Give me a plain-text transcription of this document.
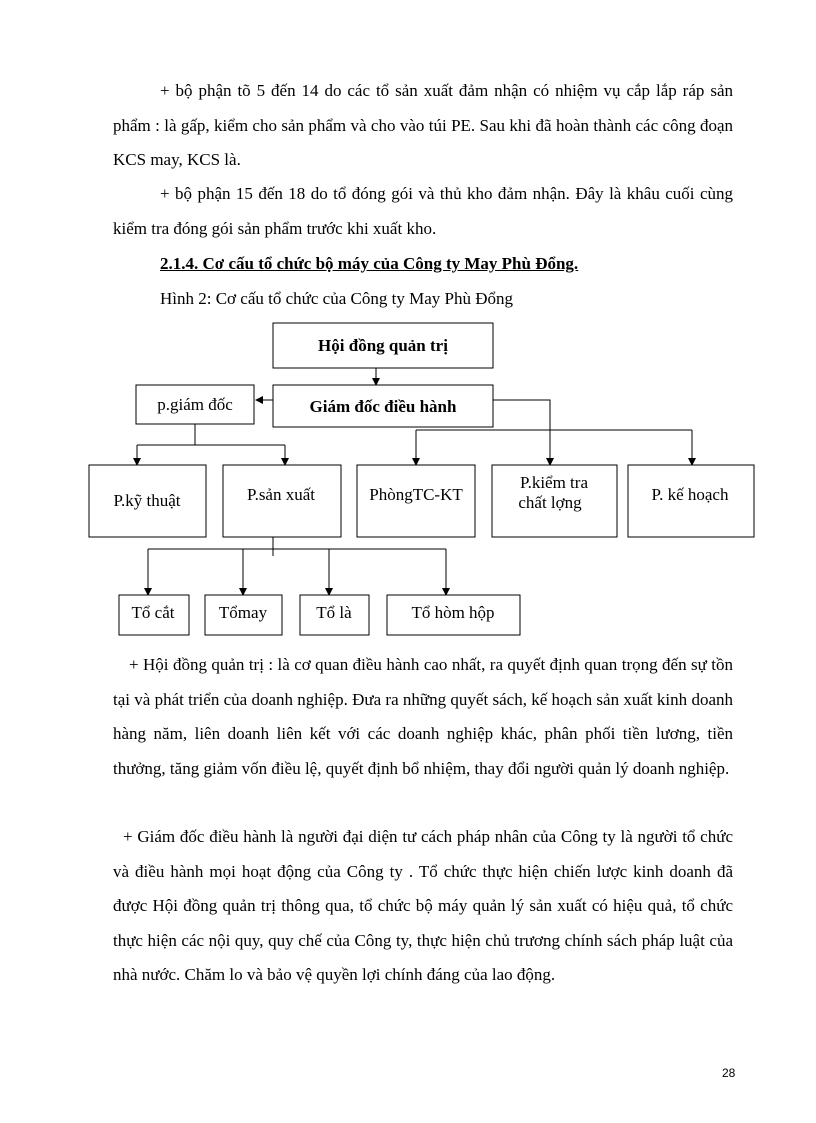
+ bộ phận tõ 5 đến 14 do các tổ sản xuất đảm nhận có nhiệm vụ cắp lắp ráp sản phẩm : là gấp, kiểm cho sản phẩm và cho vào túi PE. Sau khi đã hoàn thành các công đoạn KCS may, KCS là.

+ bộ phận 15 đến 18 do tổ đóng gói và thủ kho đảm nhận. Đây là khâu cuối cùng kiểm tra đóng gói sản phẩm trước khi xuất kho.

2.1.4. Cơ cấu tổ chức bộ máy của Công ty May Phù Đổng.

Hình 2: Cơ cấu tổ chức của Công ty May Phù Đổng

Hội đồng quản trị
Giám đốc điều hành
p.giám đốc
P.kỹ thuật	P.sản xuất	PhòngTC-KT
P.kiểm tra
chất lợng	P. kế hoạch
Tổ cắt	Tổmay	Tổ là	Tổ hòm hộp

+ Hội đồng quản trị : là cơ quan điều hành cao nhất, ra quyết định quan trọng đến sự tồn tại và phát triển của doanh nghiệp. Đưa ra những quyết sách, kế hoạch sản xuất kinh doanh hàng năm, liên doanh liên kết với các doanh nghiệp khác, phân phối tiền lương, tiền thưởng, tăng giảm vốn điều lệ, quyết định bổ nhiệm, thay đổi người quản lý doanh nghiệp.

+ Giám đốc điều hành là người đại diện tư cách pháp nhân của Công ty là người tổ chức và điều hành mọi hoạt động của Công ty . Tổ chức thực hiện chiến lược kinh doanh đã được Hội đồng quản trị thông qua, tổ chức bộ máy quản lý sản xuất có hiệu quả, tổ chức thực hiện các nội quy, quy chế của Công ty, thực hiện chủ trương chính sách pháp luật của nhà nước. Chăm lo và bảo vệ quyền lợi chính đáng của lao động.

28
